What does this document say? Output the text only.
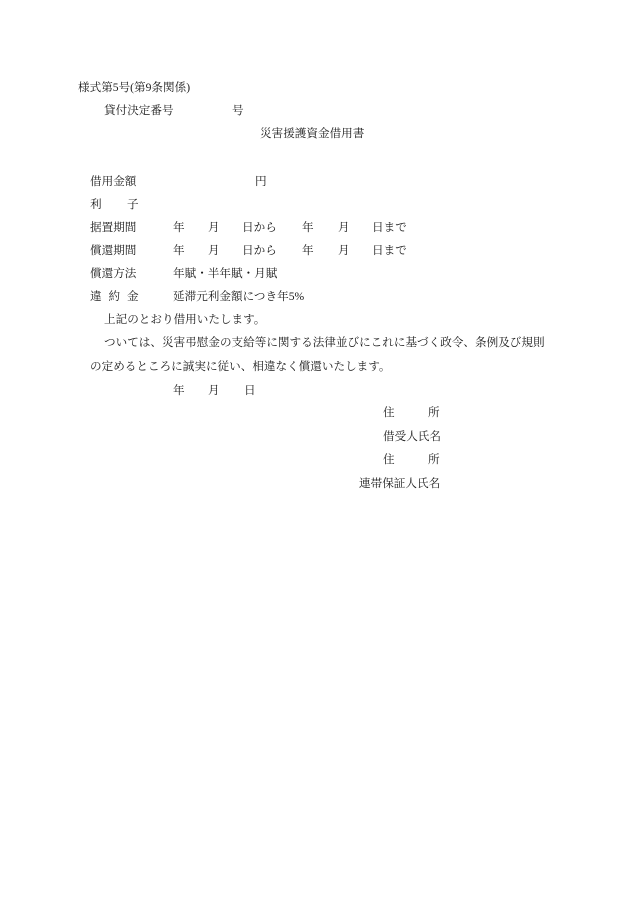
様式第5号(第9条関係)
貸付決定番号	号
災害援護資金借用書
借用金額	円
利 子
据置期間	年 月 日から 年 月 日まで
償還期間	年 月 日から 年 月 日まで
償還方法	年賦・半年賦・月賦
違 約 金	延滞元利金額につき年5%
上記のとおり借用いたします。
ついては、災害弔慰金の支給等に関する法律並びにこれに基づく政令、条例及び規則
の定めるところに誠実に従い、相違なく償還いたします。
年 月 日
住	所
借受人氏名
住	所
連帯保証人氏名
